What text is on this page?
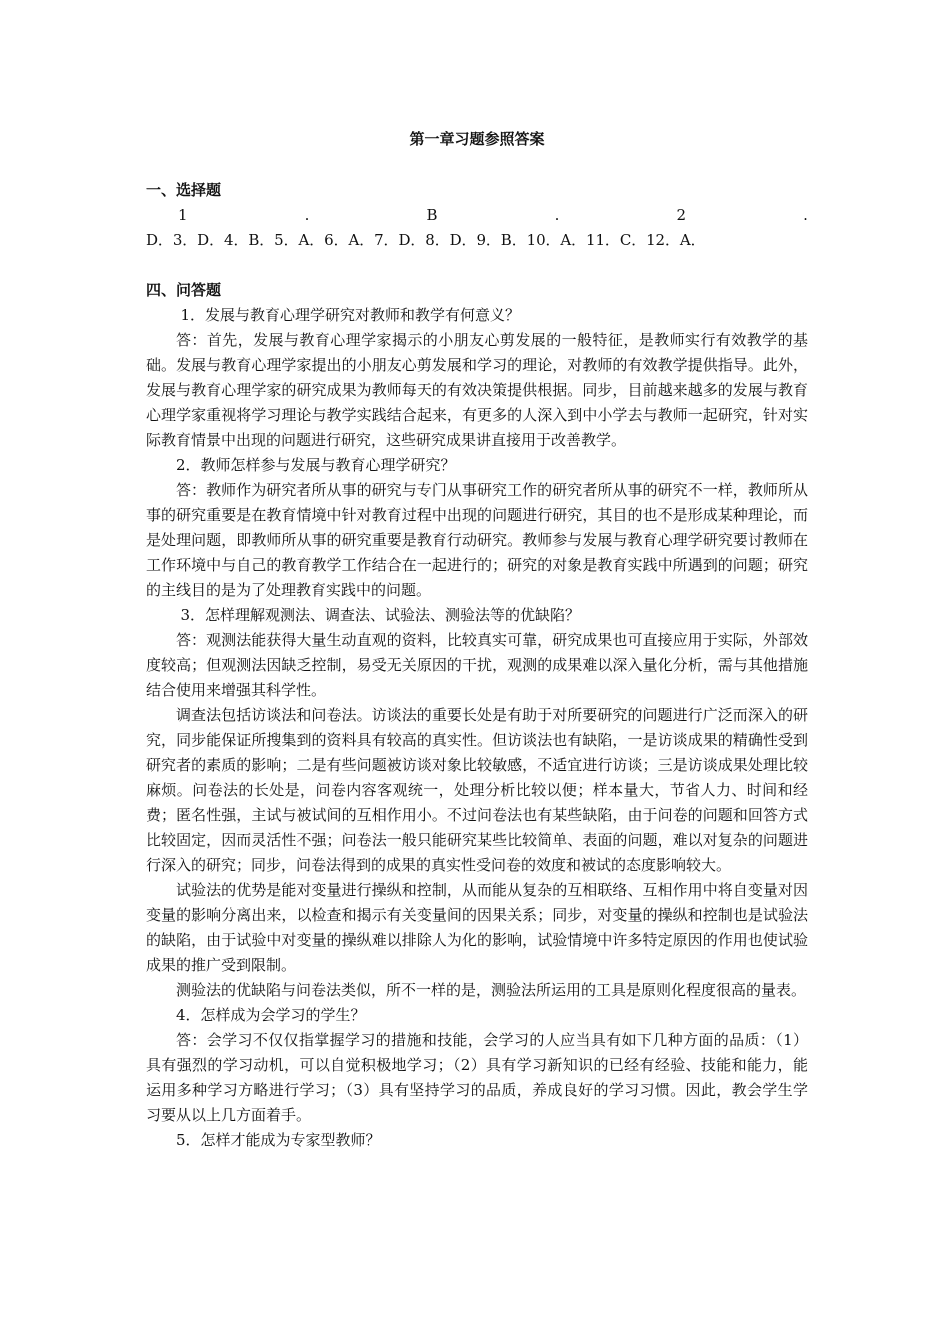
第一章习题参照答案
一、选择题
1	.	B	.	2	.
D．3．D．4．B．5．A．6．A．7．D．8．D．9．B．10．A．11．C．12．A．
四、问答题

1．发展与教育心理学研究对教师和教学有何意义？

答：首先，发展与教育心理学家揭示的小朋友心剪发展的一般特征，是教师实行有效教学的基础。发展与教育心理学家提出的小朋友心剪发展和学习的理论，对教师的有效教学提供指导。此外，发展与教育心理学家的研究成果为教师每天的有效决策提供根据。同步，目前越来越多的发展与教育心理学家重视将学习理论与教学实践结合起来，有更多的人深入到中小学去与教师一起研究，针对实际教育情景中出现的问题进行研究，这些研究成果讲直接用于改善教学。

2．教师怎样参与发展与教育心理学研究？

答：教师作为研究者所从事的研究与专门从事研究工作的研究者所从事的研究不一样，教师所从事的研究重要是在教育情境中针对教育过程中出现的问题进行研究，其目的也不是形成某种理论，而是处理问题，即教师所从事的研究重要是教育行动研究。教师参与发展与教育心理学研究要讨教师在工作环境中与自己的教育教学工作结合在一起进行的；研究的对象是教育实践中所遇到的问题；研究的主线目的是为了处理教育实践中的问题。

3．怎样理解观测法、调查法、试验法、测验法等的优缺陷？

答：观测法能获得大量生动直观的资料，比较真实可靠，研究成果也可直接应用于实际，外部效度较高；但观测法因缺乏控制，易受无关原因的干扰，观测的成果难以深入量化分析，需与其他措施结合使用来增强其科学性。

调查法包括访谈法和问卷法。访谈法的重要长处是有助于对所要研究的问题进行广泛而深入的研究，同步能保证所搜集到的资料具有较高的真实性。但访谈法也有缺陷，一是访谈成果的精确性受到研究者的素质的影响；二是有些问题被访谈对象比较敏感，不适宜进行访谈；三是访谈成果处理比较麻烦。问卷法的长处是，问卷内容客观统一，处理分析比较以便；样本量大，节省人力、时间和经费；匿名性强，主试与被试间的互相作用小。不过问卷法也有某些缺陷，由于问卷的问题和回答方式比较固定，因而灵活性不强；问卷法一般只能研究某些比较简单、表面的问题，难以对复杂的问题进行深入的研究；同步，问卷法得到的成果的真实性受问卷的效度和被试的态度影响较大。

试验法的优势是能对变量进行操纵和控制，从而能从复杂的互相联络、互相作用中将自变量对因变量的影响分离出来，以检查和揭示有关变量间的因果关系；同步，对变量的操纵和控制也是试验法的缺陷，由于试验中对变量的操纵难以排除人为化的影响，试验情境中许多特定原因的作用也使试验成果的推广受到限制。

测验法的优缺陷与问卷法类似，所不一样的是，测验法所运用的工具是原则化程度很高的量表。

4．怎样成为会学习的学生？

答：会学习不仅仅指掌握学习的措施和技能，会学习的人应当具有如下几种方面的品质：（1）具有强烈的学习动机，可以自觉积极地学习；（2）具有学习新知识的已经有经验、技能和能力，能运用多种学习方略进行学习；（3）具有坚持学习的品质，养成良好的学习习惯。因此，教会学生学习要从以上几方面着手。

5．怎样才能成为专家型教师？
